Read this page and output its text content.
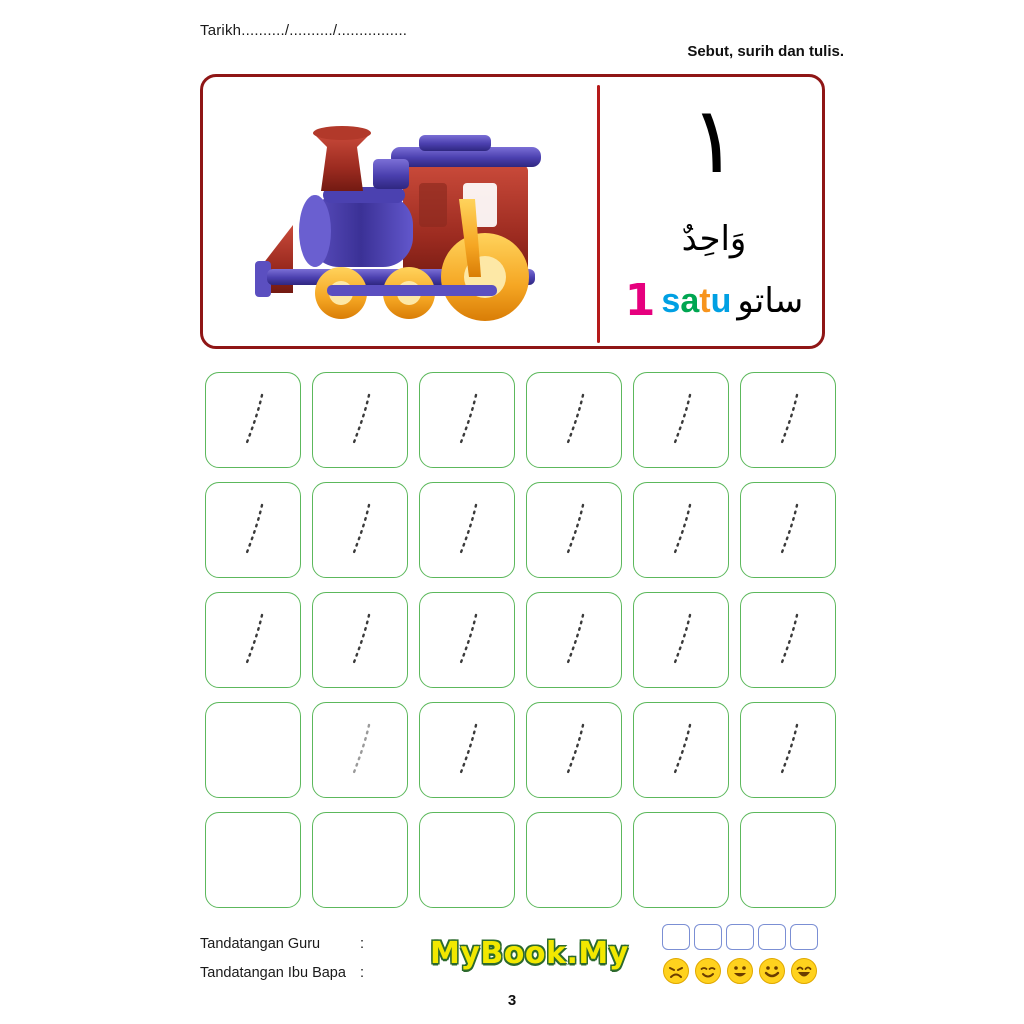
Tarikh........../........../................
Sebut, surih dan tulis.
١
وَاحِدٌ
1 satu ساتو
Tandatangan Guru	:
Tandatangan Ibu Bapa :
MyBook.My
3
